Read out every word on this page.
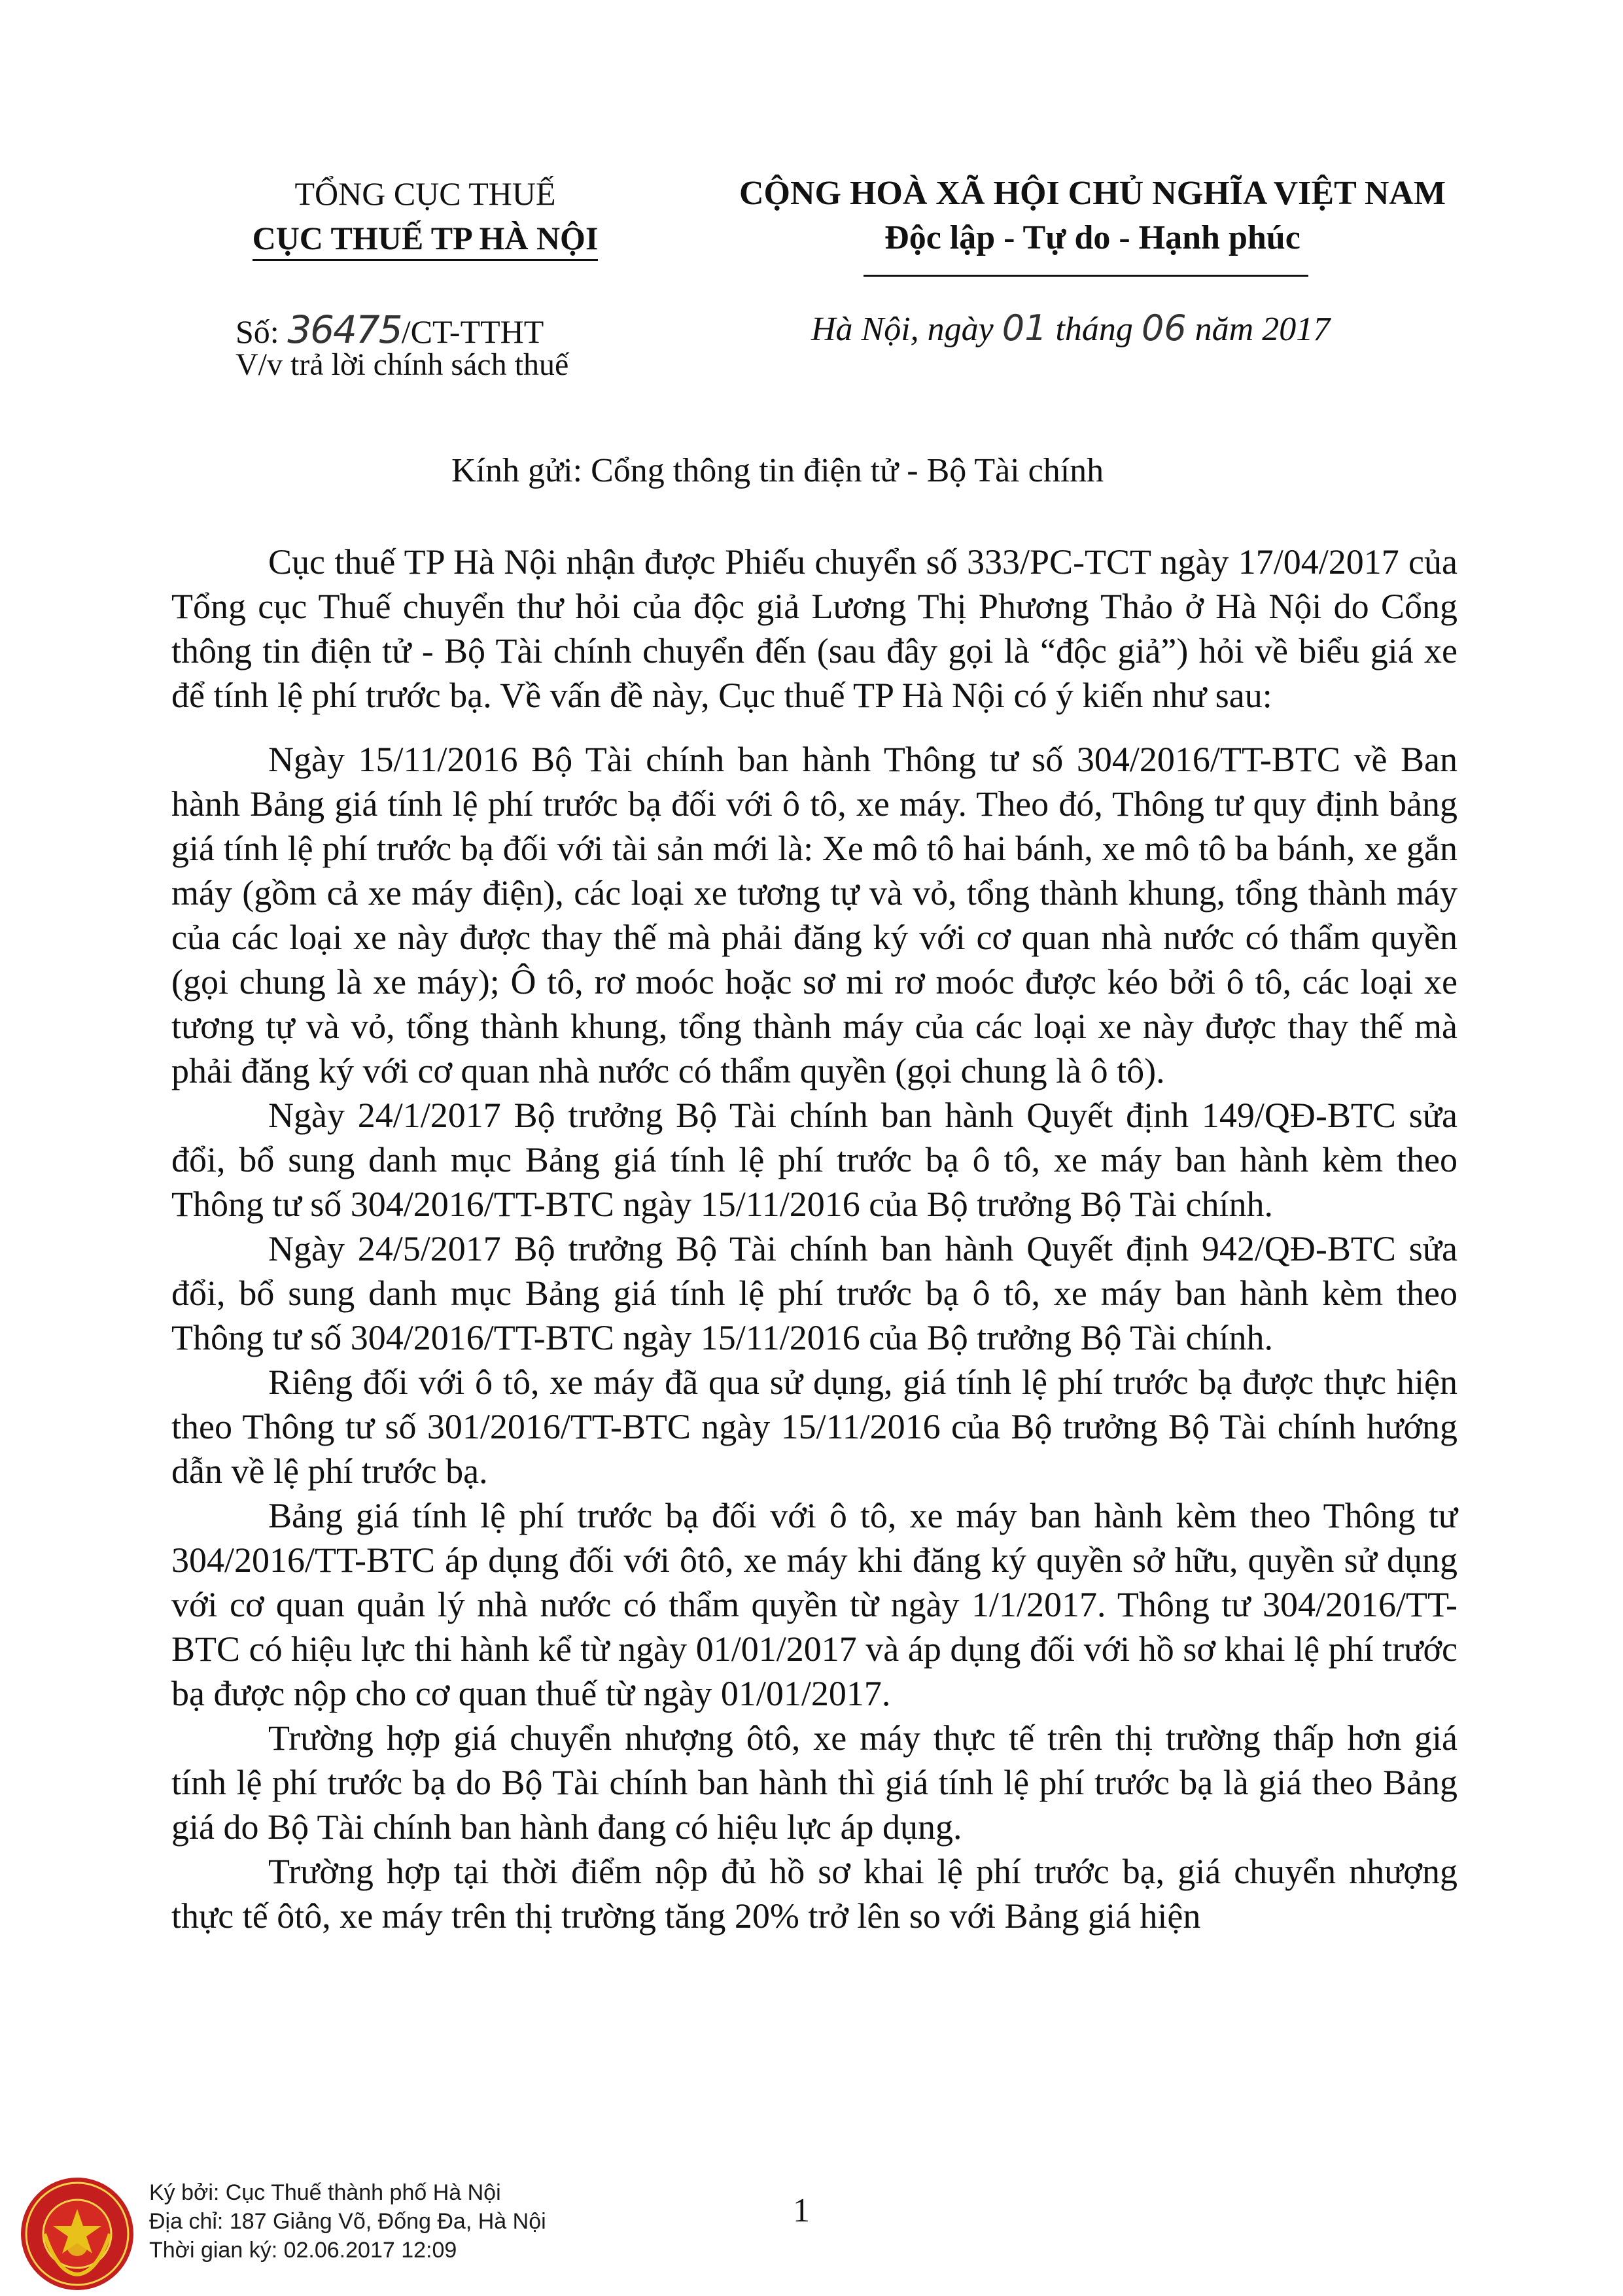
TỔNG CỤC THUẾ
CỤC THUẾ TP HÀ NỘI
CỘNG HOÀ XÃ HỘI CHỦ NGHĨA VIỆT NAM
Độc lập - Tự do - Hạnh phúc
Số: 36475/CT-TTHT
V/v trả lời chính sách thuế
Hà Nội, ngày 01 tháng 06 năm 2017
Kính gửi: Cổng thông tin điện tử - Bộ Tài chính

Cục thuế TP Hà Nội nhận được Phiếu chuyển số 333/PC-TCT ngày 17/04/2017 của Tổng cục Thuế chuyển thư hỏi của độc giả Lương Thị Phương Thảo ở Hà Nội do Cổng thông tin điện tử - Bộ Tài chính chuyển đến (sau đây gọi là “độc giả”) hỏi về biểu giá xe để tính lệ phí trước bạ. Về vấn đề này, Cục thuế TP Hà Nội có ý kiến như sau:

Ngày 15/11/2016 Bộ Tài chính ban hành Thông tư số 304/2016/TT-BTC về Ban hành Bảng giá tính lệ phí trước bạ đối với ô tô, xe máy. Theo đó, Thông tư quy định bảng giá tính lệ phí trước bạ đối với tài sản mới là: Xe mô tô hai bánh, xe mô tô ba bánh, xe gắn máy (gồm cả xe máy điện), các loại xe tương tự và vỏ, tổng thành khung, tổng thành máy của các loại xe này được thay thế mà phải đăng ký với cơ quan nhà nước có thẩm quyền (gọi chung là xe máy); Ô tô, rơ moóc hoặc sơ mi rơ moóc được kéo bởi ô tô, các loại xe tương tự và vỏ, tổng thành khung, tổng thành máy của các loại xe này được thay thế mà phải đăng ký với cơ quan nhà nước có thẩm quyền (gọi chung là ô tô).

Ngày 24/1/2017 Bộ trưởng Bộ Tài chính ban hành Quyết định 149/QĐ-BTC sửa đổi, bổ sung danh mục Bảng giá tính lệ phí trước bạ ô tô, xe máy ban hành kèm theo Thông tư số 304/2016/TT-BTC ngày 15/11/2016 của Bộ trưởng Bộ Tài chính.

Ngày 24/5/2017 Bộ trưởng Bộ Tài chính ban hành Quyết định 942/QĐ-BTC sửa đổi, bổ sung danh mục Bảng giá tính lệ phí trước bạ ô tô, xe máy ban hành kèm theo Thông tư số 304/2016/TT-BTC ngày 15/11/2016 của Bộ trưởng Bộ Tài chính.

Riêng đối với ô tô, xe máy đã qua sử dụng, giá tính lệ phí trước bạ được thực hiện theo Thông tư số 301/2016/TT-BTC ngày 15/11/2016 của Bộ trưởng Bộ Tài chính hướng dẫn về lệ phí trước bạ.

Bảng giá tính lệ phí trước bạ đối với ô tô, xe máy ban hành kèm theo Thông tư 304/2016/TT-BTC áp dụng đối với ôtô, xe máy khi đăng ký quyền sở hữu, quyền sử dụng với cơ quan quản lý nhà nước có thẩm quyền từ ngày 1/1/2017. Thông tư 304/2016/TT-BTC có hiệu lực thi hành kể từ ngày 01/01/2017 và áp dụng đối với hồ sơ khai lệ phí trước bạ được nộp cho cơ quan thuế từ ngày 01/01/2017.

Trường hợp giá chuyển nhượng ôtô, xe máy thực tế trên thị trường thấp hơn giá tính lệ phí trước bạ do Bộ Tài chính ban hành thì giá tính lệ phí trước bạ là giá theo Bảng giá do Bộ Tài chính ban hành đang có hiệu lực áp dụng.

Trường hợp tại thời điểm nộp đủ hồ sơ khai lệ phí trước bạ, giá chuyển nhượng thực tế ôtô, xe máy trên thị trường tăng 20% trở lên so với Bảng giá hiện

1
Ký bởi: Cục Thuế thành phố Hà Nội
Địa chỉ: 187 Giảng Võ, Đống Đa, Hà Nội
Thời gian ký: 02.06.2017 12:09
